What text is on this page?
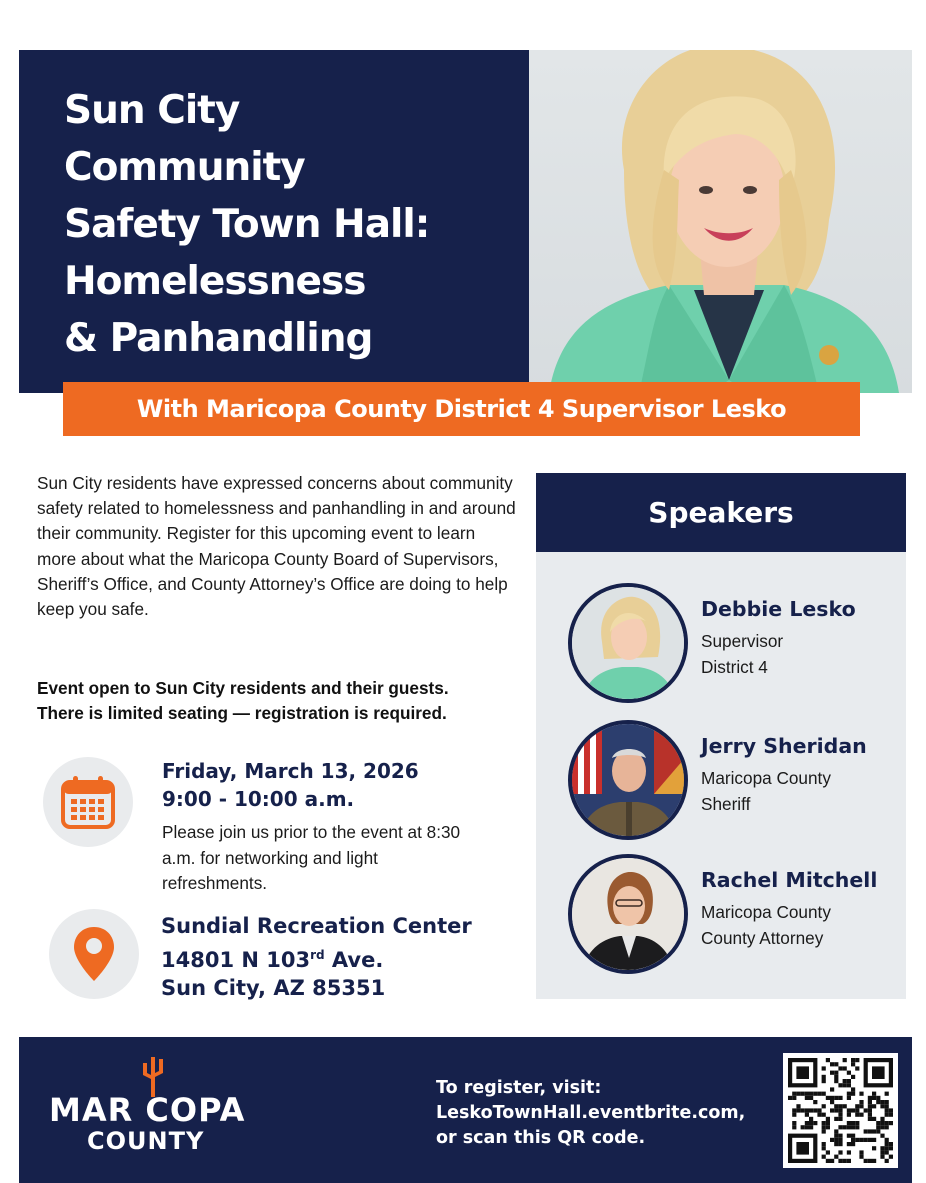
Sun City
Community
Safety Town Hall:
Homelessness
& Panhandling
With Maricopa County District 4 Supervisor Lesko

Sun City residents have expressed concerns about community safety related to homelessness and panhandling in and around their community. Register for this upcoming event to learn more about what the Maricopa County Board of Supervisors, Sheriff’s Office, and County Attorney’s Office are doing to help keep you safe.

Event open to Sun City residents and their guests.
There is limited seating — registration is required.

Friday, March 13, 2026
9:00 - 10:00 a.m.

Please join us prior to the event at 8:30 a.m. for networking and light refreshments.

Sundial Recreation Center
14801 N 103rd Ave.
Sun City, AZ 85351
Speakers
Debbie Lesko
Supervisor
District 4
Jerry Sheridan
Maricopa County
Sheriff
Rachel Mitchell
Maricopa County
County Attorney
MAR COPA
COUNTY
To register, visit:
LeskoTownHall.eventbrite.com,
or scan this QR code.
